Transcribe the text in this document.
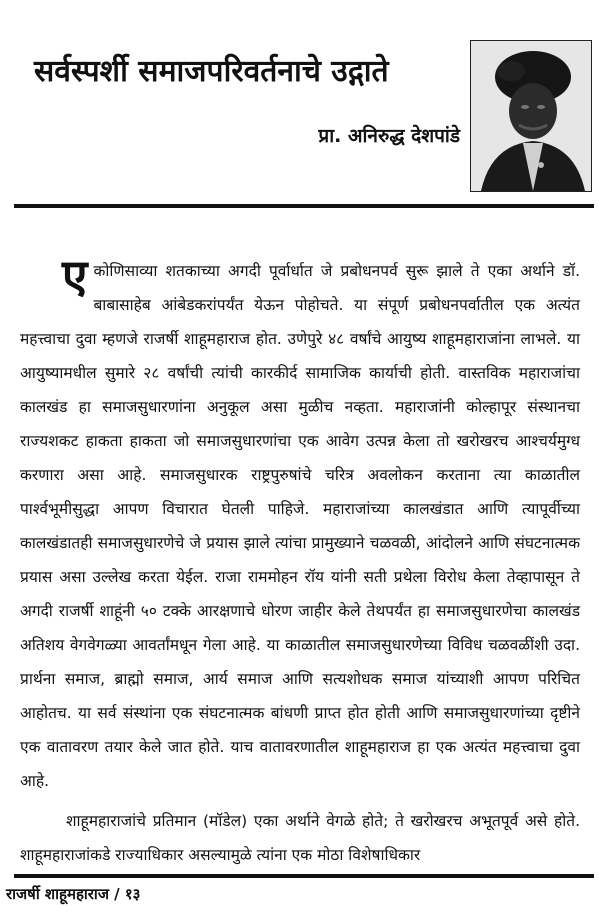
सर्वस्पर्शी समाजपरिवर्तनाचे उद्गाते
प्रा. अनिरुद्ध देशपांडे

ए कोणिसाव्या शतकाच्या अगदी पूर्वार्धात जे प्रबोधनपर्व सुरू झाले ते एका अर्थाने डॉ. बाबासाहेब आंबेडकरांपर्यंत येऊन पोहोचते. या संपूर्ण प्रबोधनपर्वातील एक अत्यंत महत्त्वाचा दुवा म्हणजे राजर्षी शाहूमहाराज होत. उणेपुरे ४८ वर्षांचे आयुष्य शाहूमहाराजांना लाभले. या आयुष्यामधील सुमारे २८ वर्षांची त्यांची कारकीर्द सामाजिक कार्याची होती. वास्तविक महाराजांचा कालखंड हा समाजसुधारणांना अनुकूल असा मुळीच नव्हता. महाराजांनी कोल्हापूर संस्थानचा राज्यशकट हाकता हाकता जो समाजसुधारणांचा एक आवेग उत्पन्न केला तो खरोखरच आश्चर्यमुग्ध करणारा असा आहे. समाजसुधारक राष्ट्रपुरुषांचे चरित्र अवलोकन करताना त्या काळातील पार्श्वभूमीसुद्धा आपण विचारात घेतली पाहिजे. महाराजांच्या कालखंडात आणि त्यापूर्वीच्या कालखंडातही समाजसुधारणेचे जे प्रयास झाले त्यांचा प्रामुख्याने चळवळी, आंदोलने आणि संघटनात्मक प्रयास असा उल्लेख करता येईल. राजा राममोहन रॉय यांनी सती प्रथेला विरोध केला तेव्हापासून ते अगदी राजर्षी शाहूंनी ५० टक्के आरक्षणाचे धोरण जाहीर केले तेथपर्यंत हा समाजसुधारणेचा कालखंड अतिशय वेगवेगळ्या आवर्तांमधून गेला आहे. या काळातील समाजसुधारणेच्या विविध चळवळींशी उदा. प्रार्थना समाज, ब्राह्मो समाज, आर्य समाज आणि सत्यशोधक समाज यांच्याशी आपण परिचित आहोतच. या सर्व संस्थांना एक संघटनात्मक बांधणी प्राप्त होत होती आणि समाजसुधारणांच्या दृष्टीने एक वातावरण तयार केले जात होते. याच वातावरणातील शाहूमहाराज हा एक अत्यंत महत्त्वाचा दुवा आहे.

शाहूमहाराजांचे प्रतिमान (मॉडेल) एका अर्थाने वेगळे होते; ते खरोखरच अभूतपूर्व असे होते. शाहूमहाराजांकडे राज्याधिकार असल्यामुळे त्यांना एक मोठा विशेषाधिकार

राजर्षी शाहूमहाराज / १३
